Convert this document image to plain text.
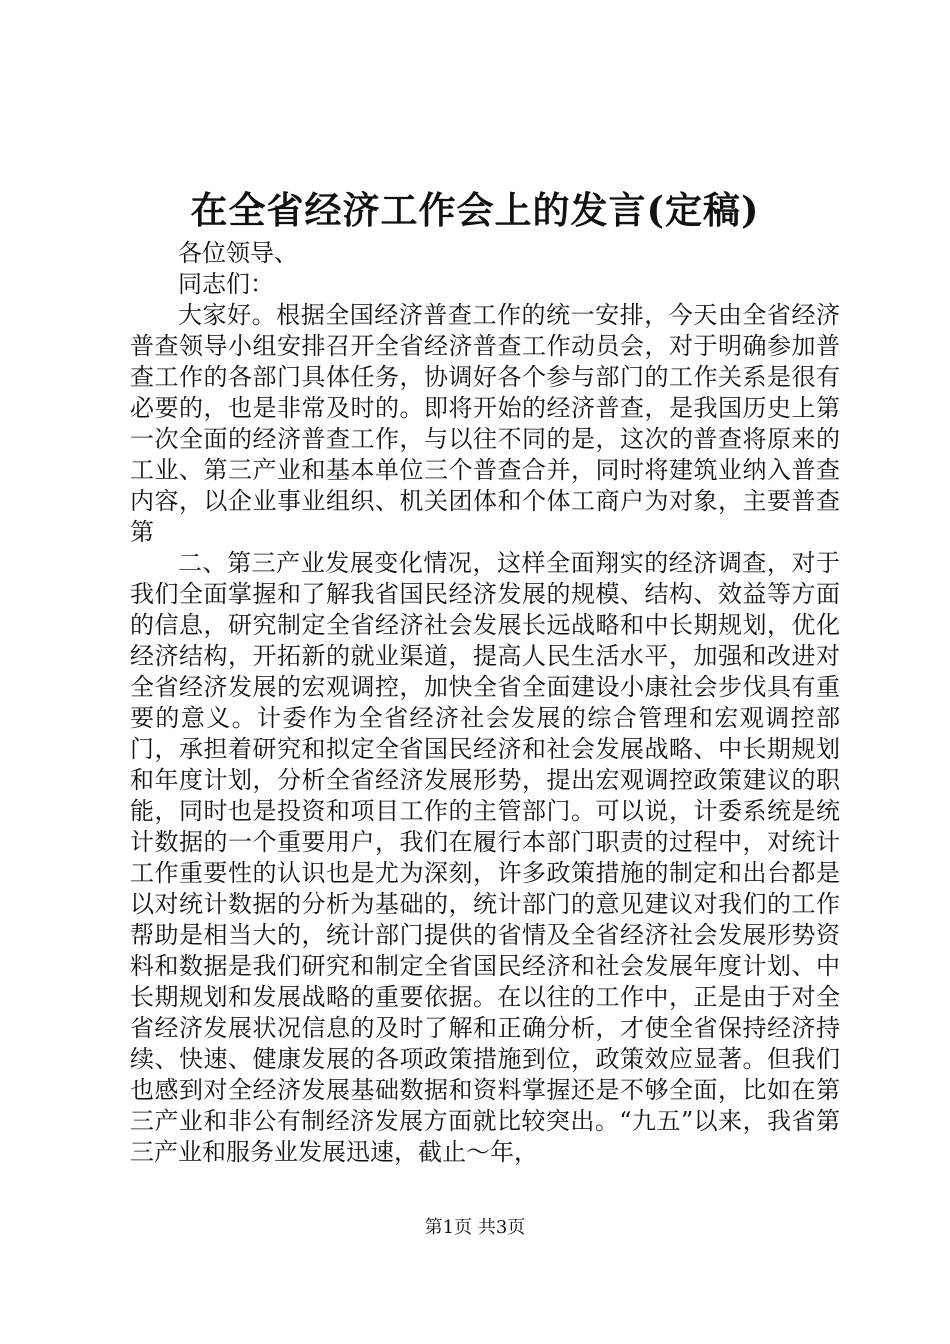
在全省经济工作会上的发言(定稿)

各位领导、

同志们：

大家好。根据全国经济普查工作的统一安排，今天由全省经济普查领导小组安排召开全省经济普查工作动员会，对于明确参加普查工作的各部门具体任务，协调好各个参与部门的工作关系是很有必要的，也是非常及时的。即将开始的经济普查，是我国历史上第一次全面的经济普查工作，与以往不同的是，这次的普查将原来的工业、第三产业和基本单位三个普查合并，同时将建筑业纳入普查内容，以企业事业组织、机关团体和个体工商户为对象，主要普查第

二、第三产业发展变化情况，这样全面翔实的经济调查，对于我们全面掌握和了解我省国民经济发展的规模、结构、效益等方面的信息，研究制定全省经济社会发展长远战略和中长期规划，优化经济结构，开拓新的就业渠道，提高人民生活水平，加强和改进对全省经济发展的宏观调控，加快全省全面建设小康社会步伐具有重要的意义。计委作为全省经济社会发展的综合管理和宏观调控部门，承担着研究和拟定全省国民经济和社会发展战略、中长期规划和年度计划，分析全省经济发展形势，提出宏观调控政策建议的职能，同时也是投资和项目工作的主管部门。可以说，计委系统是统计数据的一个重要用户，我们在履行本部门职责的过程中，对统计工作重要性的认识也是尤为深刻，许多政策措施的制定和出台都是以对统计数据的分析为基础的，统计部门的意见建议对我们的工作帮助是相当大的，统计部门提供的省情及全省经济社会发展形势资料和数据是我们研究和制定全省国民经济和社会发展年度计划、中长期规划和发展战略的重要依据。在以往的工作中，正是由于对全省经济发展状况信息的及时了解和正确分析，才使全省保持经济持续、快速、健康发展的各项政策措施到位，政策效应显著。但我们也感到对全经济发展基础数据和资料掌握还是不够全面，比如在第三产业和非公有制经济发展方面就比较突出。“九五”以来，我省第三产业和服务业发展迅速，截止～年，

第1页 共3页
